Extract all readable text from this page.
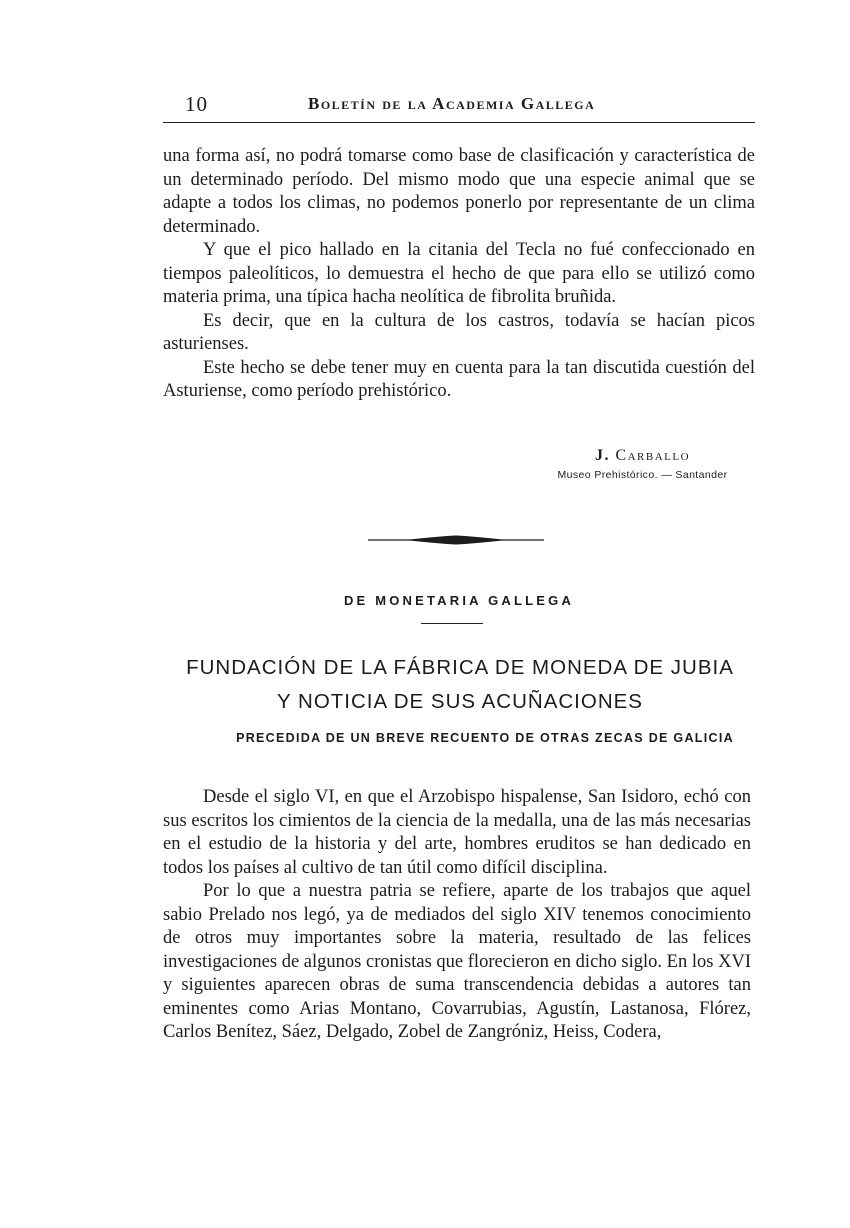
10	Boletín de la Academia Gallega

una forma así, no podrá tomarse como base de clasificación y característica de un determinado período. Del mismo modo que una especie animal que se adapte a todos los climas, no podemos ponerlo por representante de un clima determinado.

Y que el pico hallado en la citania del Tecla no fué confeccionado en tiempos paleolíticos, lo demuestra el hecho de que para ello se utilizó como materia prima, una típica hacha neolítica de fibrolita bruñida.

Es decir, que en la cultura de los castros, todavía se hacían picos asturienses.

Este hecho se debe tener muy en cuenta para la tan discutida cuestión del Asturiense, como período prehistórico.

J. Carballo
Museo Prehistórico. — Santander
DE MONETARIA GALLEGA
FUNDACIÓN DE LA FÁBRICA DE MONEDA DE JUBIA
Y NOTICIA DE SUS ACUÑACIONES
PRECEDIDA DE UN BREVE RECUENTO DE OTRAS ZECAS DE GALICIA

Desde el siglo VI, en que el Arzobispo hispalense, San Isidoro, echó con sus escritos los cimientos de la ciencia de la medalla, una de las más necesarias en el estudio de la historia y del arte, hombres eruditos se han dedicado en todos los países al cultivo de tan útil como difícil disciplina.

Por lo que a nuestra patria se refiere, aparte de los trabajos que aquel sabio Prelado nos legó, ya de mediados del siglo XIV tenemos conocimiento de otros muy importantes sobre la materia, resultado de las felices investigaciones de algunos cronistas que florecieron en dicho siglo. En los XVI y siguientes aparecen obras de suma transcendencia debidas a autores tan eminentes como Arias Montano, Covarrubias, Agustín, Lastanosa, Flórez, Carlos Benítez, Sáez, Delgado, Zobel de Zangróniz, Heiss, Codera,
